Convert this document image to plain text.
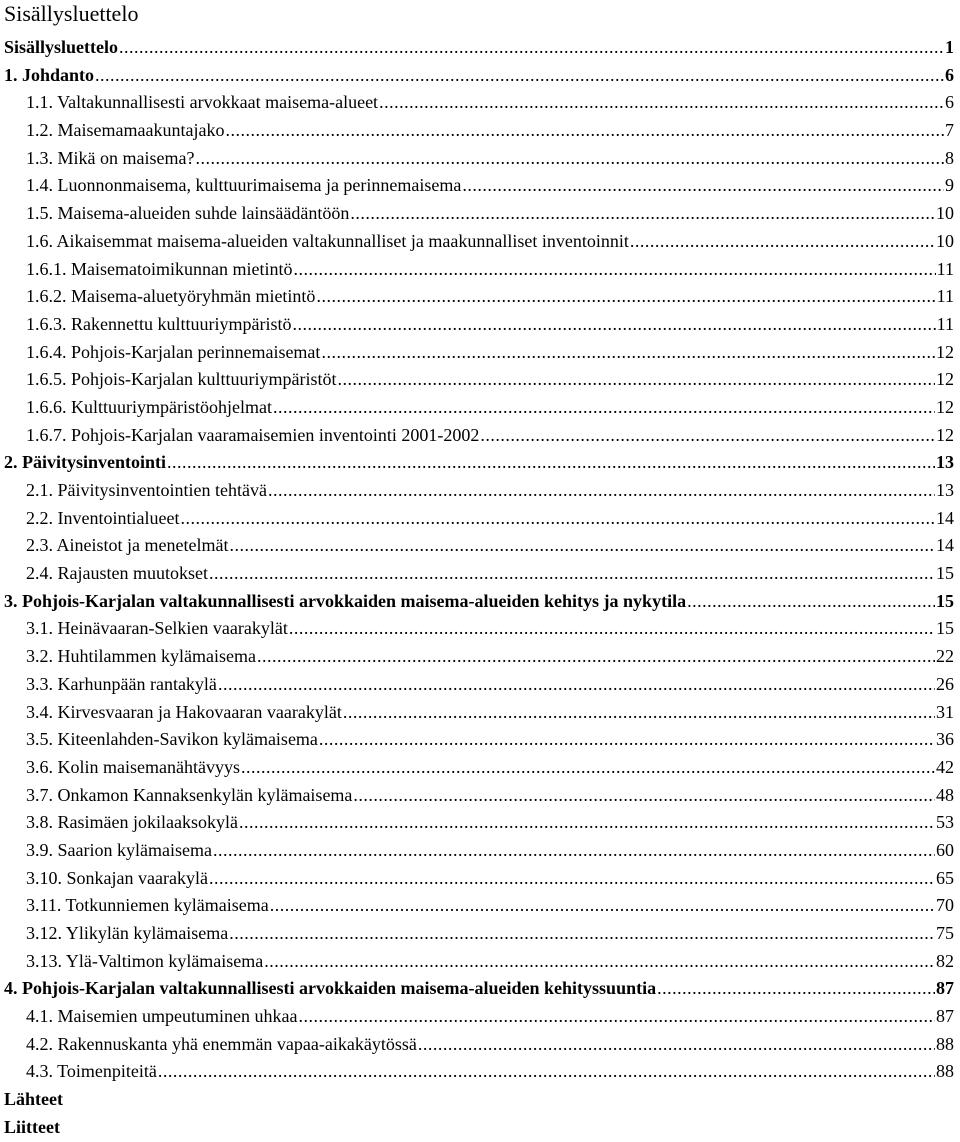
Sisällysluettelo
Sisällysluettelo .....	1
1. Johdanto .....	6
1.1. Valtakunnallisesti arvokkaat maisema-alueet .....	6
1.2. Maisemamaakuntajako .....	7
1.3. Mikä on maisema? .....	8
1.4. Luonnonmaisema, kulttuurimaisema ja perinnemaisema .....	9
1.5. Maisema-alueiden suhde lainsäädäntöön .....	10
1.6. Aikaisemmat maisema-alueiden valtakunnalliset ja maakunnalliset inventoinnit .....	10
1.6.1. Maisematoimikunnan mietintö .....	11
1.6.2. Maisema-aluetyöryhmän mietintö .....	11
1.6.3. Rakennettu kulttuuriympäristö .....	11
1.6.4. Pohjois-Karjalan perinnemaisemat .....	12
1.6.5. Pohjois-Karjalan kulttuuriympäristöt .....	12
1.6.6. Kulttuuriympäristöohjelmat .....	12
1.6.7. Pohjois-Karjalan vaaramaisemien inventointi 2001-2002 .....	12
2. Päivitysinventointi .....	13
2.1. Päivitysinventointien tehtävä .....	13
2.2. Inventointialueet .....	14
2.3. Aineistot ja menetelmät .....	14
2.4. Rajausten muutokset .....	15
3. Pohjois-Karjalan valtakunnallisesti arvokkaiden maisema-alueiden kehitys ja nykytila .....	15
3.1. Heinävaaran-Selkien vaarakylät .....	15
3.2. Huhtilammen kylämaisema .....	22
3.3. Karhunpään rantakylä .....	26
3.4. Kirvesvaaran ja Hakovaaran vaarakylät .....	31
3.5. Kiteenlahden-Savikon kylämaisema .....	36
3.6. Kolin maisemanähtävyys .....	42
3.7. Onkamon Kannaksenkylän kylämaisema .....	48
3.8. Rasimäen jokilaaksokylä .....	53
3.9. Saarion kylämaisema .....	60
3.10. Sonkajan vaarakylä .....	65
3.11. Totkunniemen kylämaisema .....	70
3.12. Ylikylän kylämaisema .....	75
3.13. Ylä-Valtimon kylämaisema .....	82
4. Pohjois-Karjalan valtakunnallisesti arvokkaiden maisema-alueiden kehityssuuntia .....	87
4.1. Maisemien umpeutuminen uhkaa .....	87
4.2. Rakennuskanta yhä enemmän vapaa-aikakäytössä .....	88
4.3. Toimenpiteitä .....	88
Lähteet
Liitteet
